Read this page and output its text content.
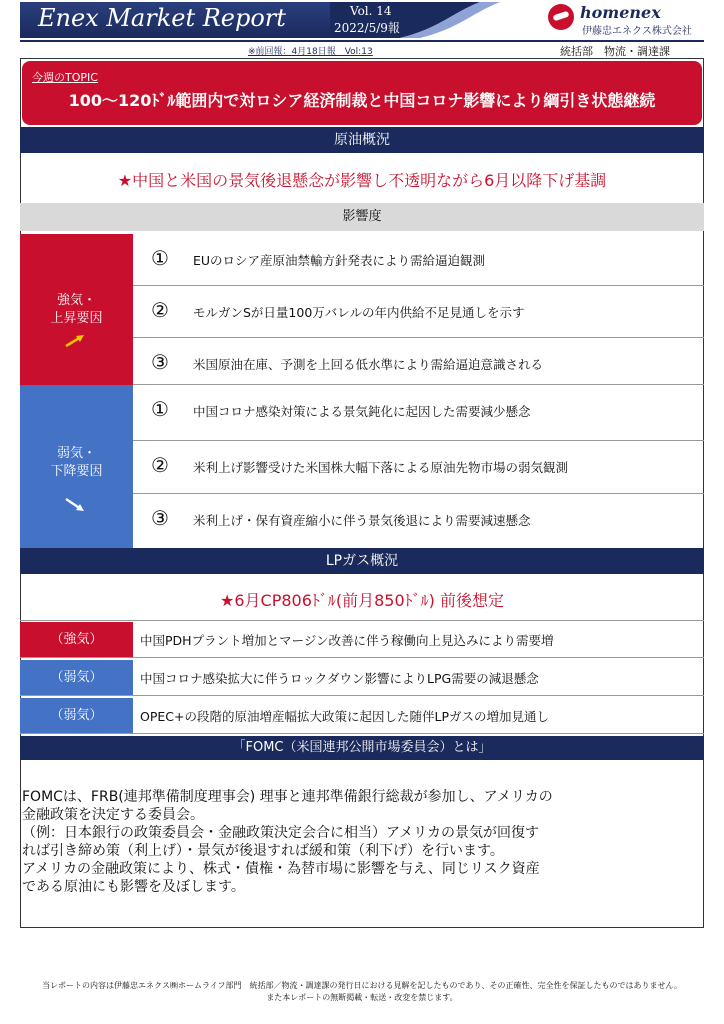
Enex Market Report	Vol. 14
2022/5/9報
homenex
伊藤忠エネクス株式会社
※前回報：4月18日報　Vol:13	統括部　物流・調達課
今週のTOPIC
100～120ﾄﾞﾙ範囲内で対ロシア経済制裁と中国コロナ影響により綱引き状態継続
原油概況
★中国と米国の景気後退懸念が影響し不透明ながら6月以降下げ基調
影響度
強気・
上昇要因
① EUのロシア産原油禁輸方針発表により需給逼迫観測
② モルガンSが日量100万バレルの年内供給不足見通しを示す
③ 米国原油在庫、予測を上回る低水準により需給逼迫意識される
弱気・
下降要因
① 中国コロナ感染対策による景気鈍化に起因した需要減少懸念
② 米利上げ影響受けた米国株大幅下落による原油先物市場の弱気観測
③ 米利上げ・保有資産縮小に伴う景気後退により需要減速懸念
LPガス概況
★6月CP806ﾄﾞﾙ(前月850ﾄﾞﾙ) 前後想定
（強気）	中国PDHプラント増加とマージン改善に伴う稼働向上見込みにより需要増
（弱気）	中国コロナ感染拡大に伴うロックダウン影響によりLPG需要の減退懸念
（弱気）	OPEC+の段階的原油増産幅拡大政策に起因した随伴LPガスの増加見通し
「FOMC（米国連邦公開市場委員会）とは」

FOMCは、FRB(連邦準備制度理事会) 理事と連邦準備銀行総裁が参加し、アメリカの

金融政策を決定する委員会。

（例：日本銀行の政策委員会・金融政策決定会合に相当）アメリカの景気が回復す

れば引き締め策（利上げ）・景気が後退すれば緩和策（利下げ）を行います。

アメリカの金融政策により、株式・債権・為替市場に影響を与え、同じリスク資産

である原油にも影響を及ぼします。

当レポートの内容は伊藤忠エネクス㈱ホームライフ部門　統括部／物流・調達課の発行日における見解を記したものであり、その正確性、完全性を保証したものではありません。
また本レポートの無断掲載・転送・改変を禁じます。
